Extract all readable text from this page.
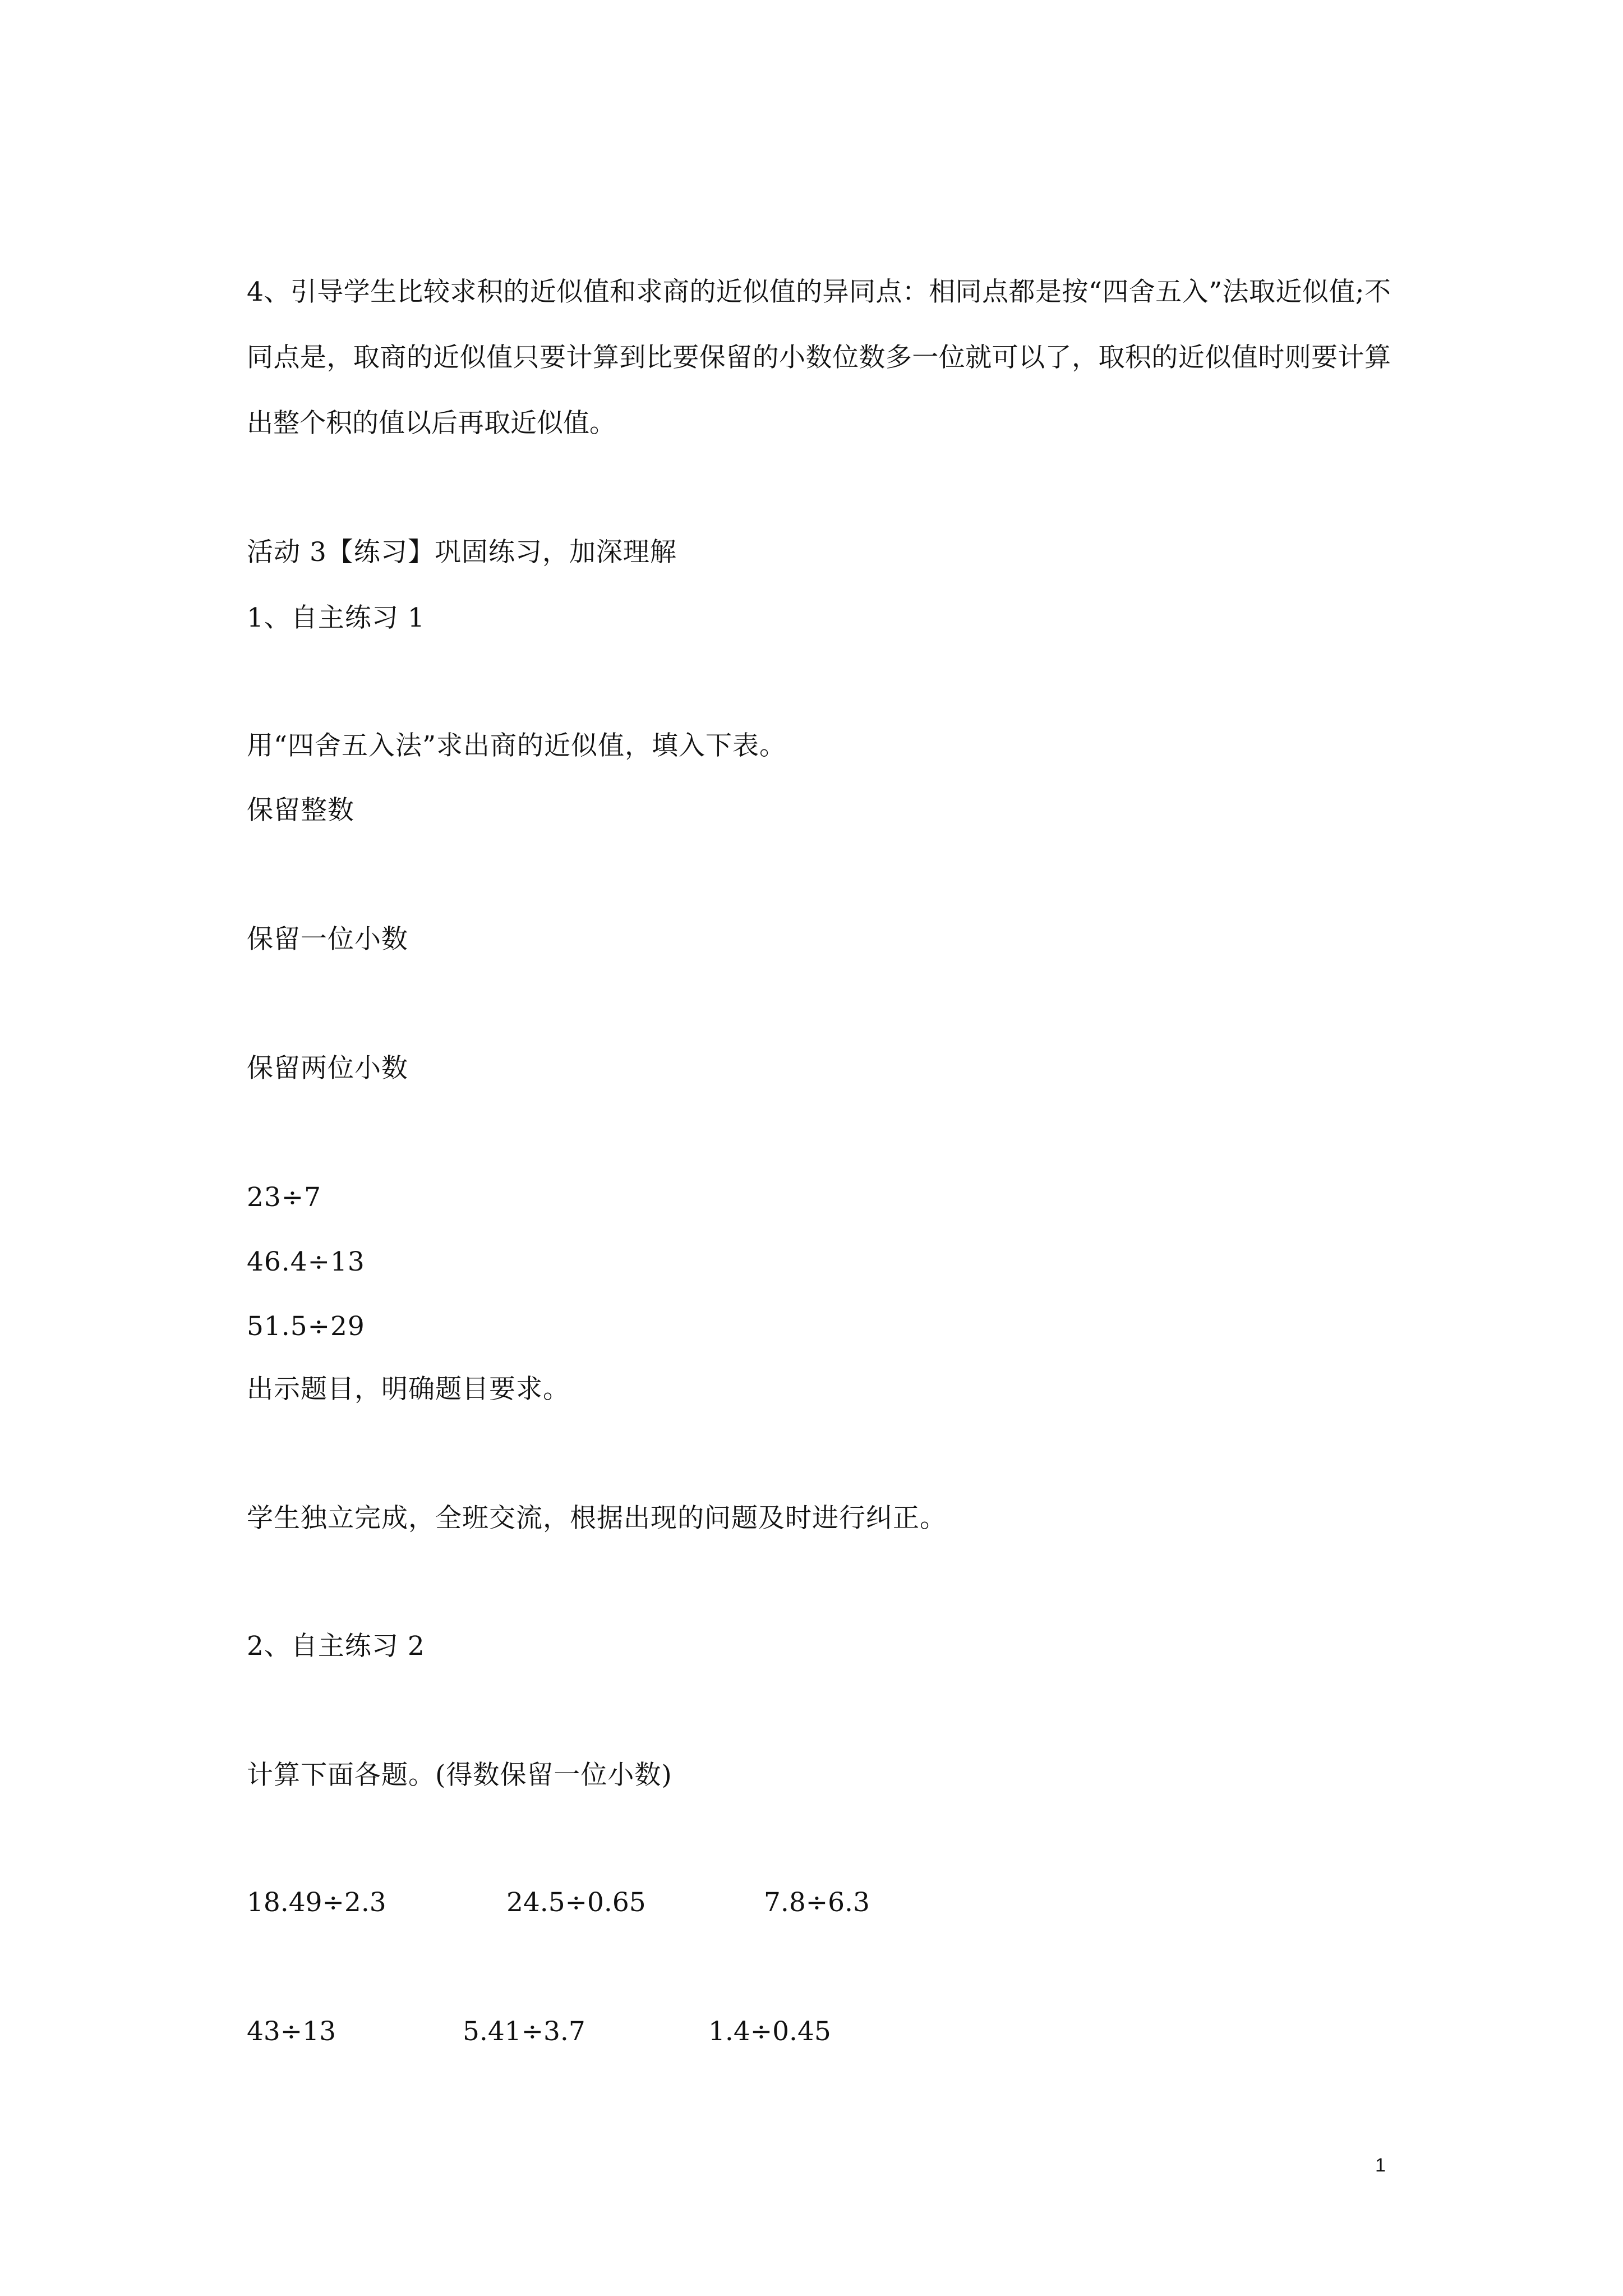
4、引导学生比较求积的近似值和求商的近似值的异同点：相同点都是按“四舍五入”法取近似值;不同点是，取商的近似值只要计算到比要保留的小数位数多一位就可以了，取积的近似值时则要计算出整个积的值以后再取近似值。
活动 3【练习】巩固练习，加深理解
1、自主练习 1
用“四舍五入法”求出商的近似值，填入下表。
保留整数
保留一位小数
保留两位小数
23÷7
46.4÷13
51.5÷29
出示题目，明确题目要求。
学生独立完成，全班交流，根据出现的问题及时进行纠正。
2、自主练习 2
计算下面各题。(得数保留一位小数)
18.49÷2.3	24.5÷0.65	7.8÷6.3
43÷13	5.41÷3.7	1.4÷0.45
1
